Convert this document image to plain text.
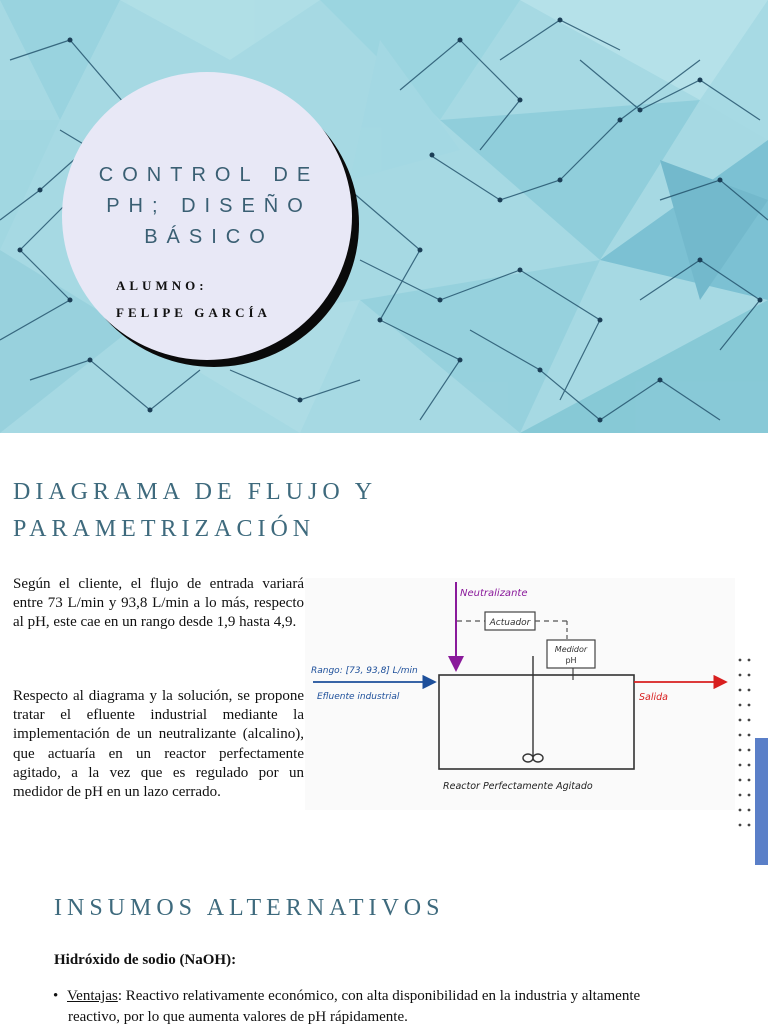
CONTROL DE
PH; DISEÑO
BÁSICO
ALUMNO:
FELIPE GARCÍA
DIAGRAMA DE FLUJO Y
PARAMETRIZACIÓN
Según el cliente, el flujo de entrada variará entre 73 L/min y 93,8 L/min a lo más, respecto al pH, este cae en un rango desde 1,9 hasta 4,9.
Respecto al diagrama y la solución, se propone tratar el efluente industrial mediante la implementación de un neutralizante (alcalino), que actuaría en un reactor perfectamente agitado, a la vez que es regulado por un medidor de pH en un lazo cerrado.
Neutralizante
Actuador
Medidor
pH
Reactor Perfectamente Agitado
Rango: [73, 93,8] L/min
Efluente industrial	Salida
INSUMOS ALTERNATIVOS
Hidróxido de sodio (NaOH):
• Ventajas: Reactivo relativamente económico, con alta disponibilidad en la industria y altamente
reactivo, por lo que aumenta valores de pH rápidamente.
